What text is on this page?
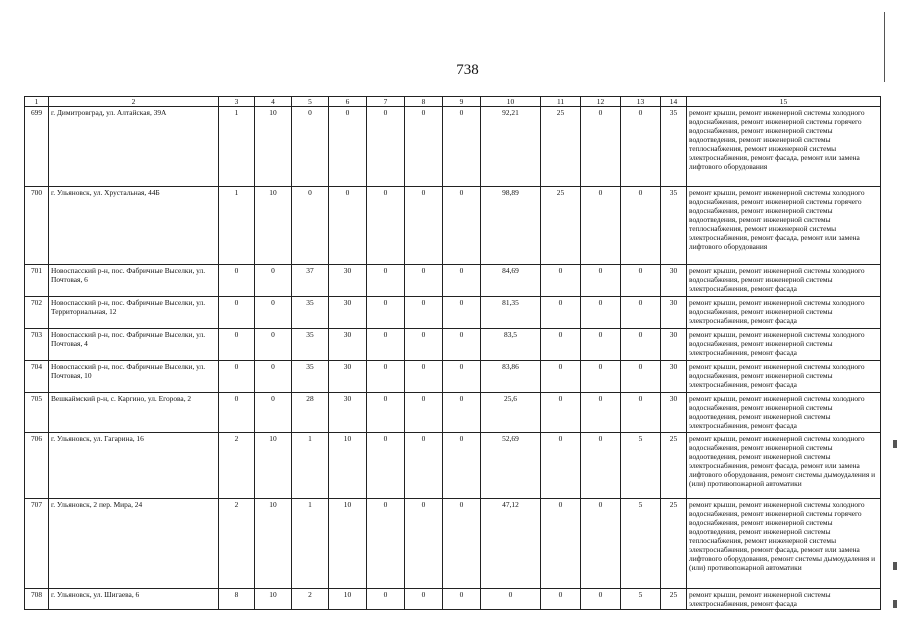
738
1	2	3	4	5	6	7	8	9	10	11	12	13	14	15
699	г. Димитровград, ул. Алтайская, 39А	1	10	0	0	0	0	0	92,21	25	0	0	35	ремонт крыши, ремонт инженерной системы холодного водоснабжения, ремонт инженерной системы горячего водоснабжения, ремонт инженерной системы водоотведения, ремонт инженерной системы теплоснабжения, ремонт инженерной системы электроснабжения, ремонт фасада, ремонт или замена лифтового оборудования
700	г. Ульяновск, ул. Хрустальная, 44Б	1	10	0	0	0	0	0	98,89	25	0	0	35	ремонт крыши, ремонт инженерной системы холодного водоснабжения, ремонт инженерной системы горячего водоснабжения, ремонт инженерной системы водоотведения, ремонт инженерной системы теплоснабжения, ремонт инженерной системы электроснабжения, ремонт фасада, ремонт или замена лифтового оборудования
701	Новоспасский р-н, пос. Фабричные Выселки, ул. Почтовая, 6	0	0	37	30	0	0	0	84,69	0	0	0	30	ремонт крыши, ремонт инженерной системы холодного водоснабжения, ремонт инженерной системы электроснабжения, ремонт фасада
702	Новоспасский р-н, пос. Фабричные Выселки, ул. Территориальная, 12	0	0	35	30	0	0	0	81,35	0	0	0	30	ремонт крыши, ремонт инженерной системы холодного водоснабжения, ремонт инженерной системы электроснабжения, ремонт фасада
703	Новоспасский р-н, пос. Фабричные Выселки, ул. Почтовая, 4	0	0	35	30	0	0	0	83,5	0	0	0	30	ремонт крыши, ремонт инженерной системы холодного водоснабжения, ремонт инженерной системы электроснабжения, ремонт фасада
704	Новоспасский р-н, пос. Фабричные Выселки, ул. Почтовая, 10	0	0	35	30	0	0	0	83,86	0	0	0	30	ремонт крыши, ремонт инженерной системы холодного водоснабжения, ремонт инженерной системы электроснабжения, ремонт фасада
705	Вешкаймский р-н, с. Каргино, ул. Егорова, 2	0	0	28	30	0	0	0	25,6	0	0	0	30	ремонт крыши, ремонт инженерной системы холодного водоснабжения, ремонт инженерной системы водоотведения, ремонт инженерной системы электроснабжения, ремонт фасада
706	г. Ульяновск, ул. Гагарина, 16	2	10	1	10	0	0	0	52,69	0	0	5	25	ремонт крыши, ремонт инженерной системы холодного водоснабжения, ремонт инженерной системы водоотведения, ремонт инженерной системы электроснабжения, ремонт фасада, ремонт или замена лифтового оборудования, ремонт системы дымоудаления и (или) противопожарной автоматики
707	г. Ульяновск, 2 пер. Мира, 24	2	10	1	10	0	0	0	47,12	0	0	5	25	ремонт крыши, ремонт инженерной системы холодного водоснабжения, ремонт инженерной системы горячего водоснабжения, ремонт инженерной системы водоотведения, ремонт инженерной системы теплоснабжения, ремонт инженерной системы электроснабжения, ремонт фасада, ремонт или замена лифтового оборудования, ремонт системы дымоудаления и (или) противопожарной автоматики
708	г. Ульяновск, ул. Шигаева, 6	8	10	2	10	0	0	0	0	0	0	5	25	ремонт крыши, ремонт инженерной системы электроснабжения, ремонт фасада
